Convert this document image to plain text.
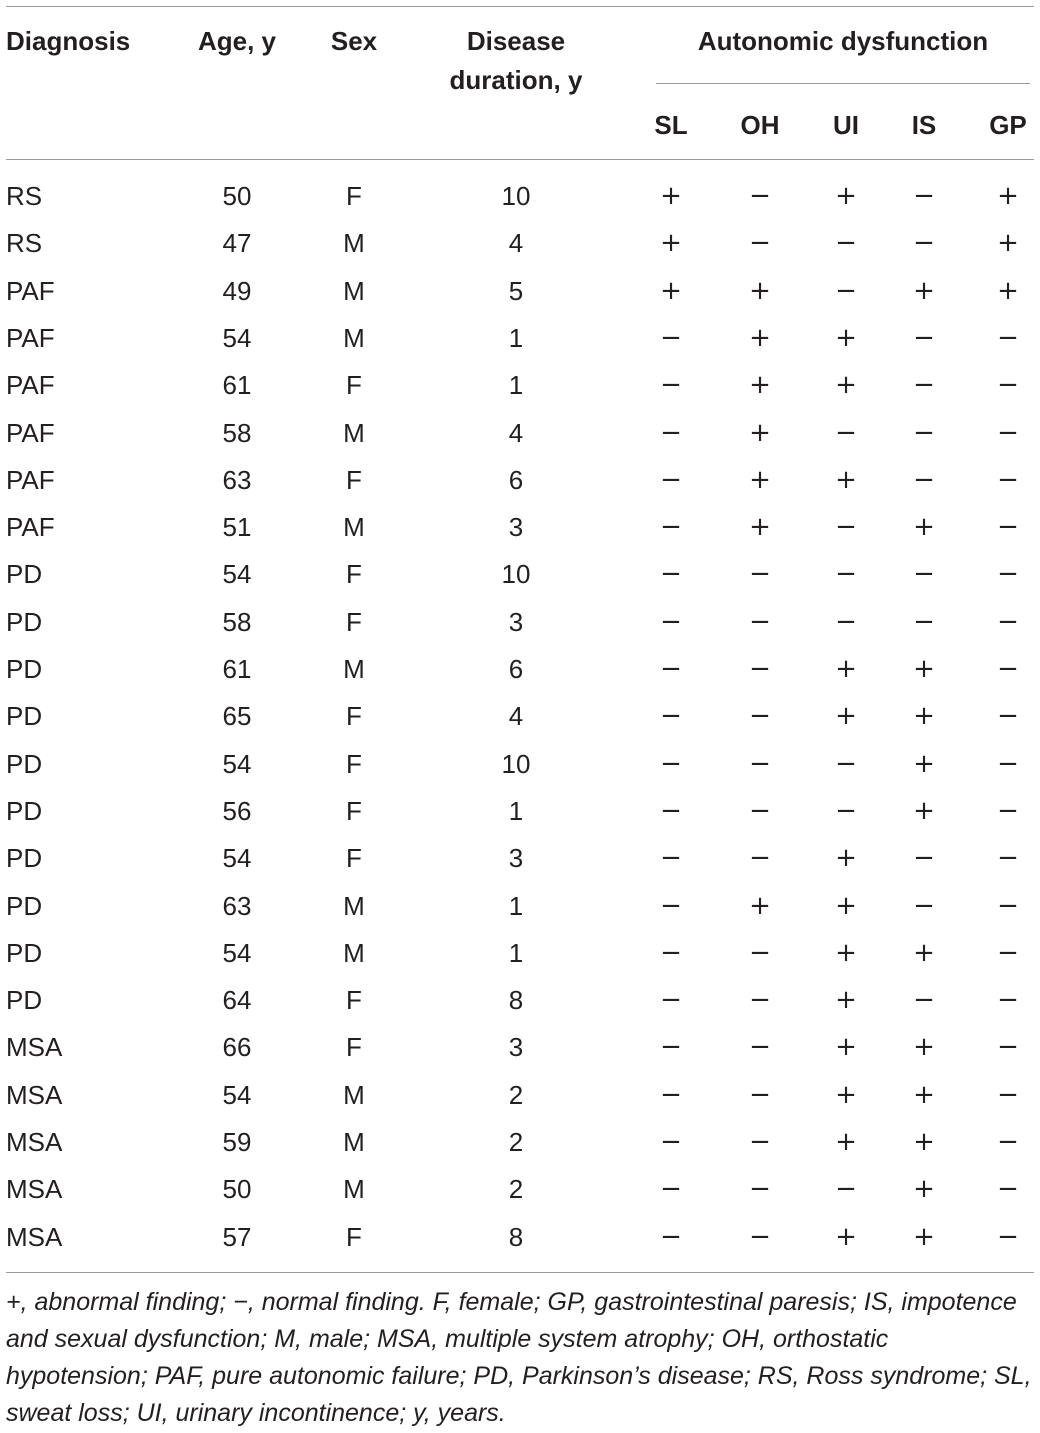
Diagnosis	Age, y Sex	Disease
duration, y
Autonomic dysfunction
SL OH UI IS GP
RS	50	F	10	+	− + − +
RS	47	M	4	+	− − − +
PAF	49	M	5	+	+ − + +
PAF	54	M	1	−	+ + − −
PAF	61	F	1	−	+ + − −
PAF	58	M	4	−	+ − − −
PAF	63	F	6	−	+ + − −
PAF	51	M	3	−	+ − + −
PD	54	F	10	−	− − − −
PD	58	F	3	−	− − − −
PD	61	M	6	−	− + + −
PD	65	F	4	−	− + + −
PD	54	F	10	−	− − + −
PD	56	F	1	−	− − + −
PD	54	F	3	−	− + − −
PD	63	M	1	−	+ + − −
PD	54	M	1	−	− + + −
PD	64	F	8	−	− + − −
MSA	66	F	3	−	− + + −
MSA	54	M	2	−	− + + −
MSA	59	M	2	−	− + + −
MSA	50	M	2	−	− − + −
MSA	57	F	8	−	− + + −
+, abnormal finding; −, normal finding. F, female; GP, gastrointestinal paresis; IS, impotence and sexual dysfunction; M, male; MSA, multiple system atrophy; OH, orthostatic hypotension; PAF, pure autonomic failure; PD, Parkinson’s disease; RS, Ross syndrome; SL, sweat loss; UI, urinary incontinence; y, years.
